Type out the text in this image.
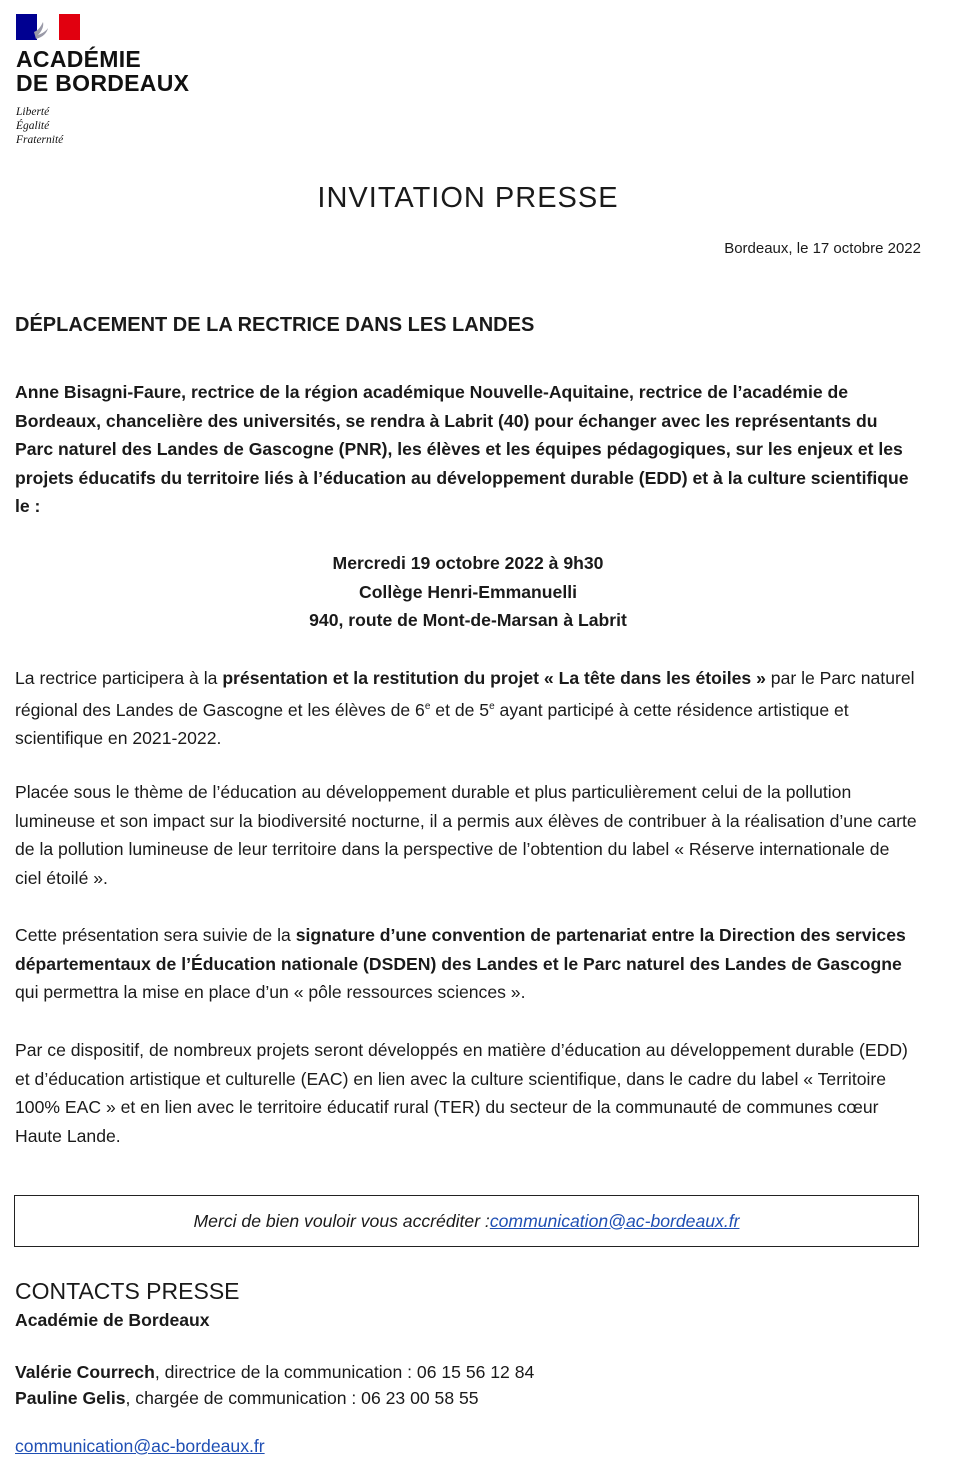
ACADÉMIE
DE BORDEAUX
Liberté
Égalité
Fraternité
INVITATION PRESSE
Bordeaux, le 17 octobre 2022
DÉPLACEMENT DE LA RECTRICE DANS LES LANDES
Anne Bisagni-Faure, rectrice de la région académique Nouvelle-Aquitaine, rectrice de l’académie de Bordeaux, chancelière des universités, se rendra à Labrit (40) pour échanger avec les représentants du Parc naturel des Landes de Gascogne (PNR), les élèves et les équipes pédagogiques, sur les enjeux et les projets éducatifs du territoire liés à l’éducation au développement durable (EDD) et à la culture scientifique le :
Mercredi 19 octobre 2022 à 9h30
Collège Henri-Emmanuelli
940, route de Mont-de-Marsan à Labrit
La rectrice participera à la présentation et la restitution du projet « La tête dans les étoiles » par le Parc naturel régional des Landes de Gascogne et les élèves de 6e et de 5e ayant participé à cette résidence artistique et scientifique en 2021-2022.
Placée sous le thème de l’éducation au développement durable et plus particulièrement celui de la pollution lumineuse et son impact sur la biodiversité nocturne, il a permis aux élèves de contribuer à la réalisation d’une carte de la pollution lumineuse de leur territoire dans la perspective de l’obtention du label « Réserve internationale de ciel étoilé ».
Cette présentation sera suivie de la signature d’une convention de partenariat entre la Direction des services départementaux de l’Éducation nationale (DSDEN) des Landes et le Parc naturel des Landes de Gascogne qui permettra la mise en place d’un « pôle ressources sciences ».
Par ce dispositif, de nombreux projets seront développés en matière d’éducation au développement durable (EDD) et d’éducation artistique et culturelle (EAC) en lien avec la culture scientifique, dans le cadre du label « Territoire 100% EAC » et en lien avec le territoire éducatif rural (TER) du secteur de la communauté de communes cœur Haute Lande.
Merci de bien vouloir vous accréditer : communication@ac-bordeaux.fr
CONTACTS PRESSE
Académie de Bordeaux
Valérie Courrech, directrice de la communication : 06 15 56 12 84
Pauline Gelis, chargée de communication : 06 23 00 58 55
communication@ac-bordeaux.fr
